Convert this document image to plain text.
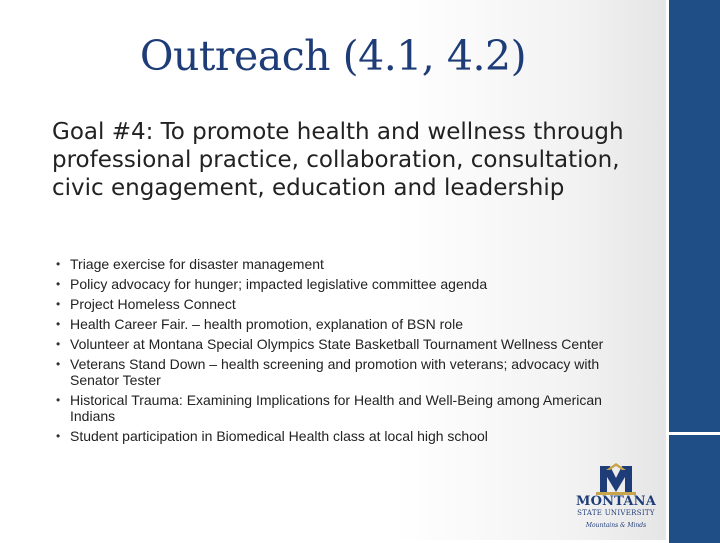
Outreach (4.1, 4.2)
Goal #4: To promote health and wellness through professional practice, collaboration, consultation, civic engagement, education and leadership
• Triage exercise for disaster management
• Policy advocacy for hunger; impacted legislative committee agenda
• Project Homeless Connect
• Health Career Fair. – health promotion, explanation of BSN role
• Volunteer at Montana Special Olympics State Basketball Tournament Wellness Center
• Veterans Stand Down – health screening and promotion with veterans; advocacy with Senator Tester
• Historical Trauma: Examining Implications for Health and Well-Being among American Indians
• Student participation in Biomedical Health class at local high school
MONTANA
STATE UNIVERSITY
Mountains & Minds
